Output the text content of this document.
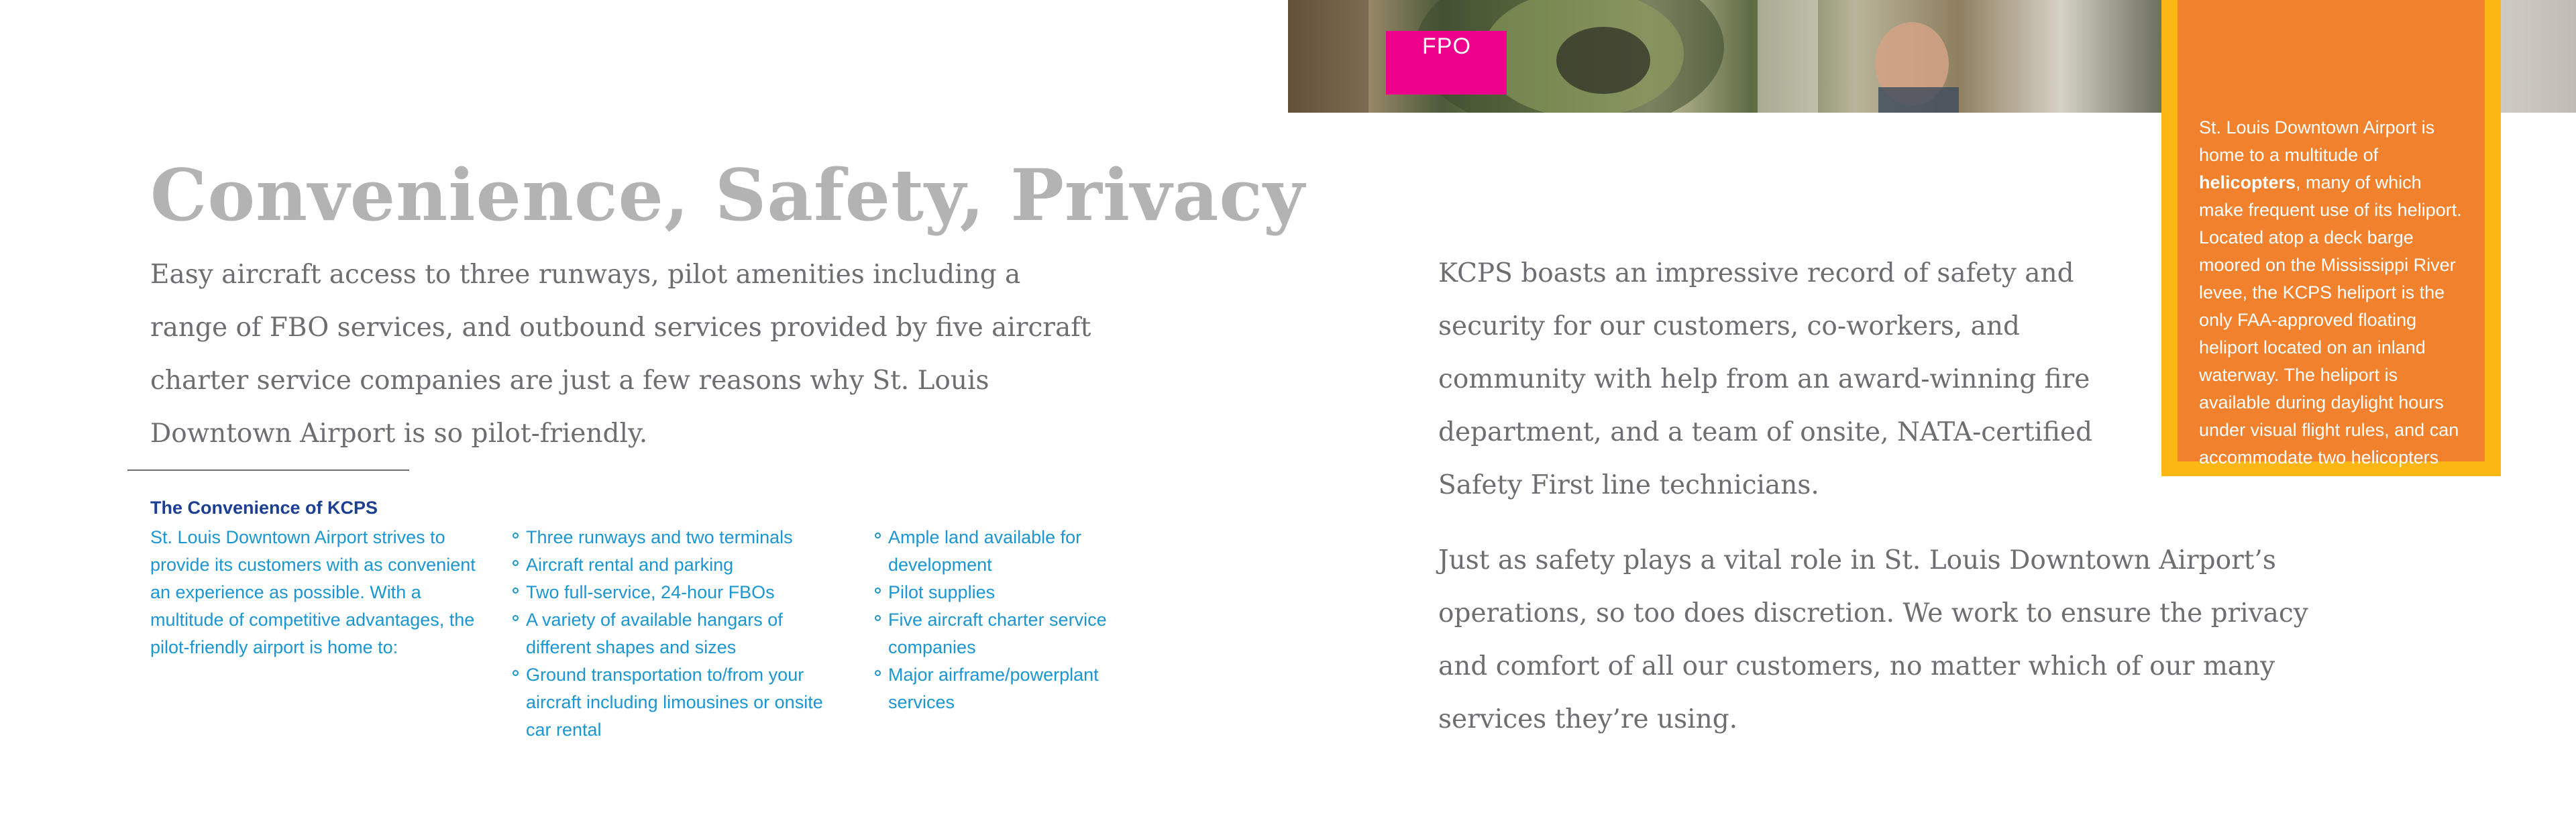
FPO
St. Louis Downtown Airport is home to a multitude of helicopters, many of which make frequent use of its heliport. Located atop a deck barge moored on the Mississippi River levee, the KCPS heliport is the only FAA-approved floating heliport located on an inland waterway. The heliport is available during daylight hours under visual flight rules, and can accommodate two helicopters simultaneously.
Convenience, Safety, Privacy
Easy aircraft access to three runways, pilot amenities including a range of FBO services, and outbound services provided by five aircraft charter service companies are just a few reasons why St. Louis Downtown Airport is so pilot-friendly.
The Convenience of KCPS
St. Louis Downtown Airport strives to provide its customers with as convenient an experience as possible. With a multitude of competitive advantages, the pilot-friendly airport is home to:
Three runways and two terminals
Aircraft rental and parking
Two full-service, 24-hour FBOs
A variety of available hangars of different shapes and sizes
Ground transportation to/from your aircraft including limousines or onsite car rental
Ample land available for development
Pilot supplies
Five aircraft charter service companies
Major airframe/powerplant services

KCPS boasts an impressive record of safety and security for our customers, co-workers, and community with help from an award-winning fire department, and a team of onsite, NATA-certified Safety First line technicians.

Just as safety plays a vital role in St. Louis Downtown Airport’s operations, so too does discretion. We work to ensure the privacy and comfort of all our customers, no matter which of our many services they’re using.
